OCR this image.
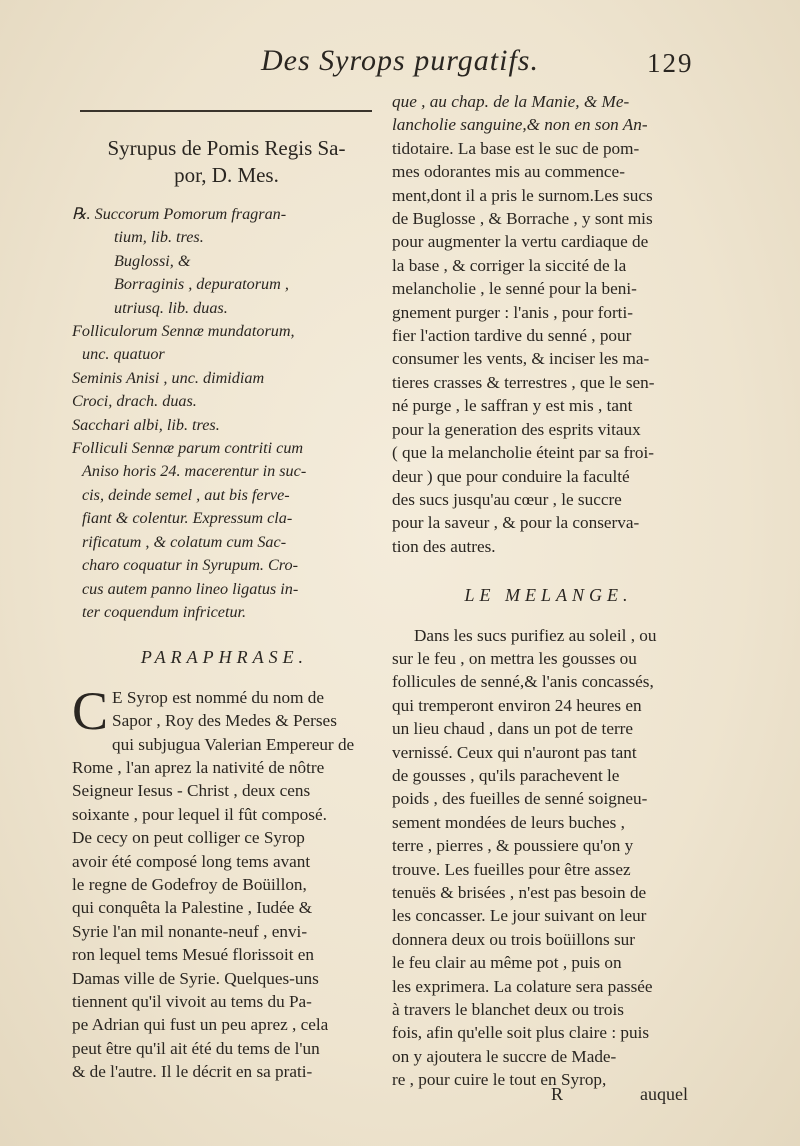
Des Syrops purgatifs.	129
Syrupus de Pomis Regis Sa-
por, D. Mes.
℞. Succorum Pomorum fragran-
tium, lib. tres.
Buglossi, &
Borraginis , depuratorum ,
utriusq. lib. duas.
Folliculorum Sennæ mundatorum,
unc. quatuor
Seminis Anisi , unc. dimidiam
Croci, drach. duas.
Sacchari albi, lib. tres.
Folliculi Sennæ parum contriti cum
Aniso horis 24. macerentur in suc-
cis, deinde semel , aut bis ferve-
fiant & colentur. Expressum cla-
rificatum , & colatum cum Sac-
charo coquatur in Syrupum. Cro-
cus autem panno lineo ligatus in-
ter coquendum infricetur.
PARAPHRASE.
C E Syrop est nommé du nom de
Sapor , Roy des Medes & Perses
qui subjugua Valerian Empereur de
Rome , l'an aprez la nativité de nôtre
Seigneur Iesus - Christ , deux cens
soixante , pour lequel il fût composé.
De cecy on peut colliger ce Syrop
avoir été composé long tems avant
le regne de Godefroy de Boüillon,
qui conquêta la Palestine , Iudée &
Syrie l'an mil nonante-neuf , envi-
ron lequel tems Mesué florissoit en
Damas ville de Syrie. Quelques-uns
tiennent qu'il vivoit au tems du Pa-
pe Adrian qui fust un peu aprez , cela
peut être qu'il ait été du tems de l'un
& de l'autre. Il le décrit en sa prati-
que , au chap. de la Manie, & Me-
lancholie sanguine,& non en son An-
tidotaire. La base est le suc de pom-
mes odorantes mis au commence-
ment,dont il a pris le surnom.Les sucs
de Buglosse , & Borrache , y sont mis
pour augmenter la vertu cardiaque de
la base , & corriger la siccité de la
melancholie , le senné pour la beni-
gnement purger : l'anis , pour forti-
fier l'action tardive du senné , pour
consumer les vents, & inciser les ma-
tieres crasses & terrestres , que le sen-
né purge , le saffran y est mis , tant
pour la generation des esprits vitaux
( que la melancholie éteint par sa froi-
deur ) que pour conduire la faculté
des sucs jusqu'au cœur , le succre
pour la saveur , & pour la conserva-
tion des autres.
LE MELANGE.
Dans les sucs purifiez au soleil , ou
sur le feu , on mettra les gousses ou
follicules de senné,& l'anis concassés,
qui tremperont environ 24 heures en
un lieu chaud , dans un pot de terre
vernissé. Ceux qui n'auront pas tant
de gousses , qu'ils parachevent le
poids , des fueilles de senné soigneu-
sement mondées de leurs buches ,
terre , pierres , & poussiere qu'on y
trouve. Les fueilles pour être assez
tenuës & brisées , n'est pas besoin de
les concasser. Le jour suivant on leur
donnera deux ou trois boüillons sur
le feu clair au même pot , puis on
les exprimera. La colature sera passée
à travers le blanchet deux ou trois
fois, afin qu'elle soit plus claire : puis
on y ajoutera le succre de Made-
re , pour cuire le tout en Syrop,
R	auquel
